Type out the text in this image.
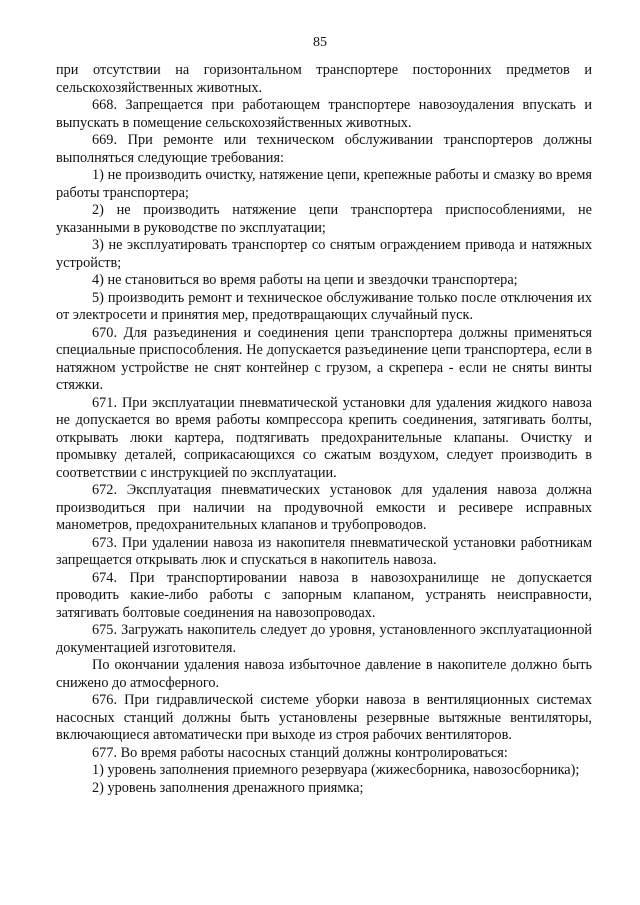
85

при отсутствии на горизонтальном транспортере посторонних предметов и сельскохозяйственных животных.

668. Запрещается при работающем транспортере навозоудаления впускать и выпускать в помещение сельскохозяйственных животных.

669. При ремонте или техническом обслуживании транспортеров должны выполняться следующие требования:

1) не производить очистку, натяжение цепи, крепежные работы и смазку во время работы транспортера;

2) не производить натяжение цепи транспортера приспособлениями, не указанными в руководстве по эксплуатации;

3) не эксплуатировать транспортер со снятым ограждением привода и натяжных устройств;

4) не становиться во время работы на цепи и звездочки транспортера;

5) производить ремонт и техническое обслуживание только после отключения их от электросети и принятия мер, предотвращающих случайный пуск.

670. Для разъединения и соединения цепи транспортера должны применяться специальные приспособления. Не допускается разъединение цепи транспортера, если в натяжном устройстве не снят контейнер с грузом, а скрепера - если не сняты винты стяжки.

671. При эксплуатации пневматической установки для удаления жидкого навоза не допускается во время работы компрессора крепить соединения, затягивать болты, открывать люки картера, подтягивать предохранительные клапаны. Очистку и промывку деталей, соприкасающихся со сжатым воздухом, следует производить в соответствии с инструкцией по эксплуатации.

672. Эксплуатация пневматических установок для удаления навоза должна производиться при наличии на продувочной емкости и ресивере исправных манометров, предохранительных клапанов и трубопроводов.

673. При удалении навоза из накопителя пневматической установки работникам запрещается открывать люк и спускаться в накопитель навоза.

674. При транспортировании навоза в навозохранилище не допускается проводить какие-либо работы с запорным клапаном, устранять неисправности, затягивать болтовые соединения на навозопроводах.

675. Загружать накопитель следует до уровня, установленного эксплуатационной документацией изготовителя.

По окончании удаления навоза избыточное давление в накопителе должно быть снижено до атмосферного.

676. При гидравлической системе уборки навоза в вентиляционных системах насосных станций должны быть установлены резервные вытяжные вентиляторы, включающиеся автоматически при выходе из строя рабочих вентиляторов.

677. Во время работы насосных станций должны контролироваться:

1) уровень заполнения приемного резервуара (жижесборника, навозосборника);

2) уровень заполнения дренажного приямка;
